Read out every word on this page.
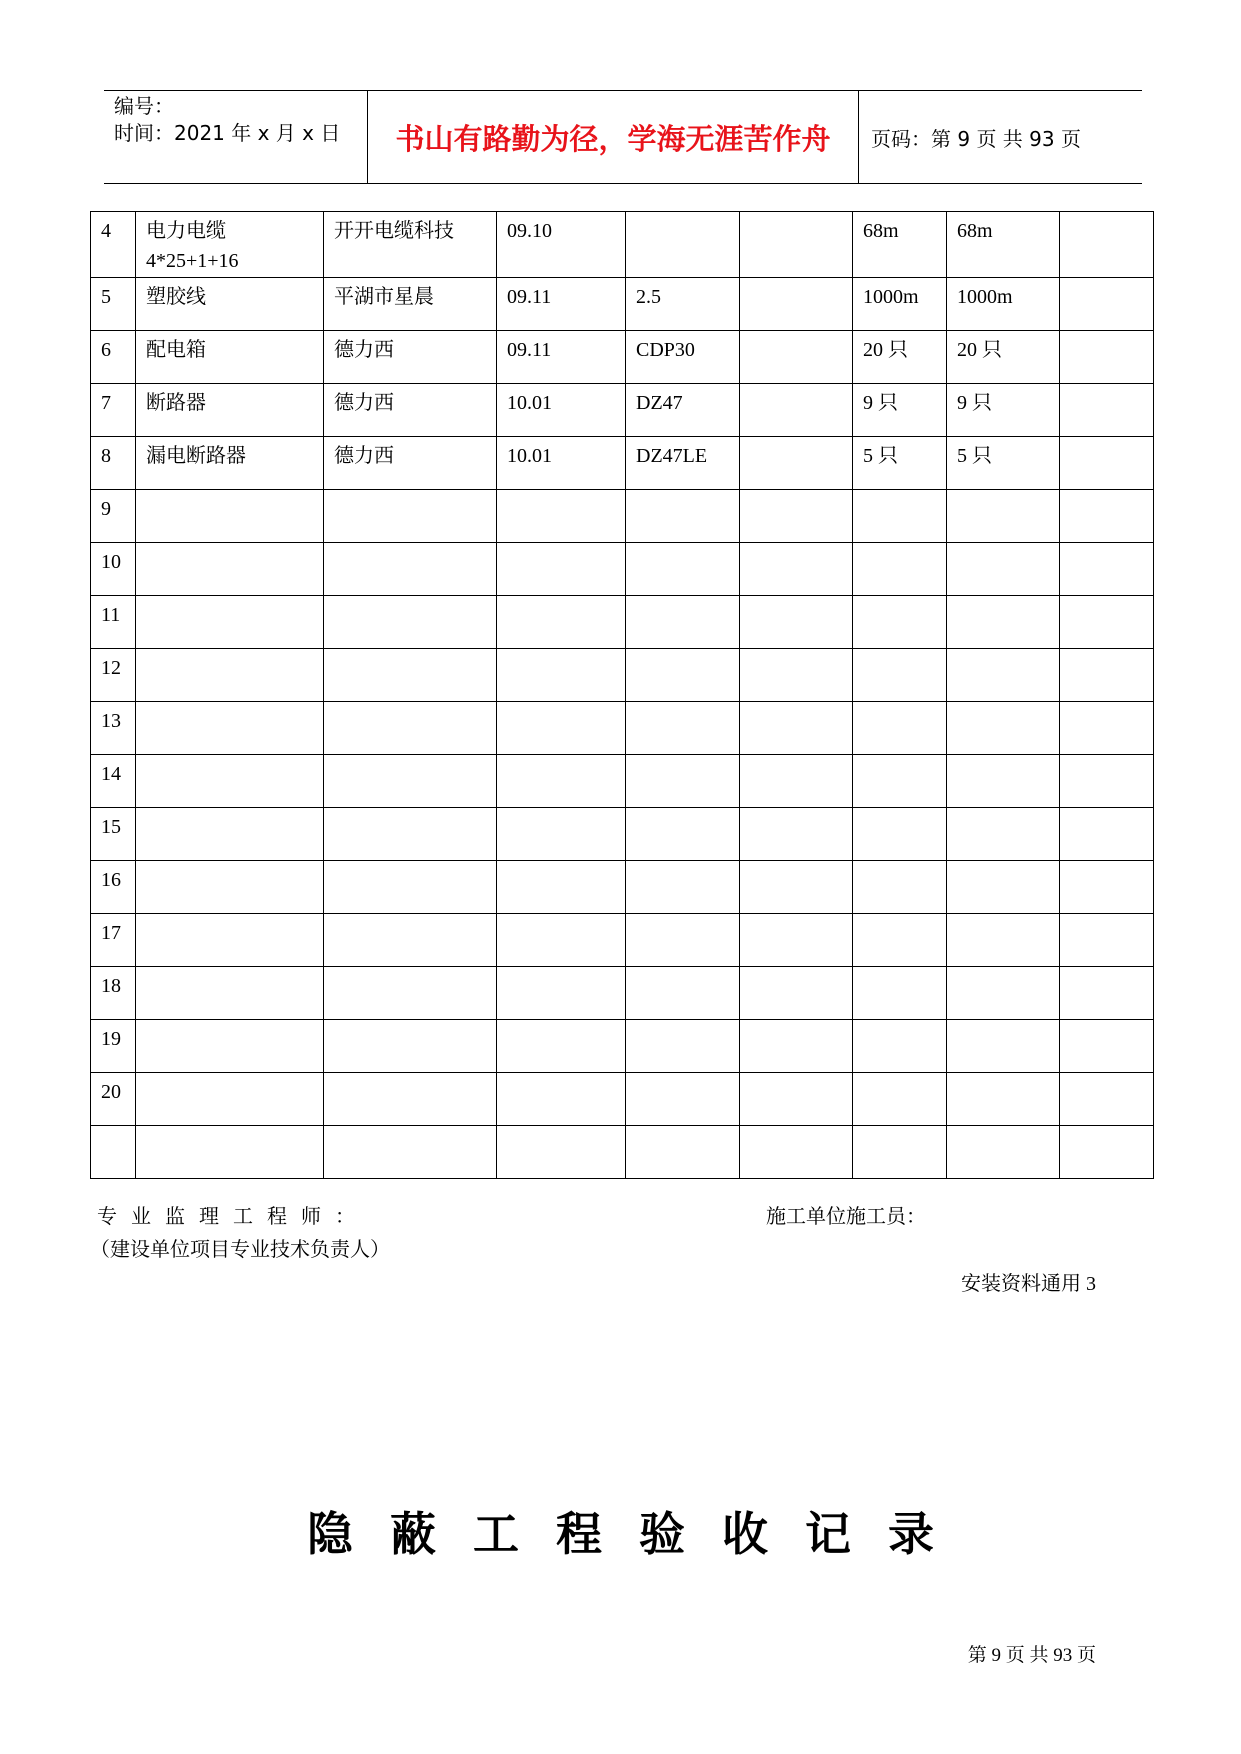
编号：
时间：2021 年 x 月 x 日	书山有路勤为径，学海无涯苦作舟	页码：第 9 页 共 93 页
4	电力电缆 4*25+1+16	开开电缆科技	09.10			68m	68m	
5	塑胶线	平湖市星晨	09.11	2.5		1000m	1000m	
6	配电箱	德力西	09.11	CDP30		20 只	20 只	
7	断路器	德力西	10.01	DZ47		9 只	9 只	
8	漏电断路器	德力西	10.01	DZ47LE		5 只	5 只	
9								
10								
11								
12								
13								
14								
15								
16								
17								
18								
19								
20								

专业监理工程师：	施工单位施工员：
（建设单位项目专业技术负责人）
安装资料通用 3
隐蔽工程验收记录
第 9 页 共 93 页
